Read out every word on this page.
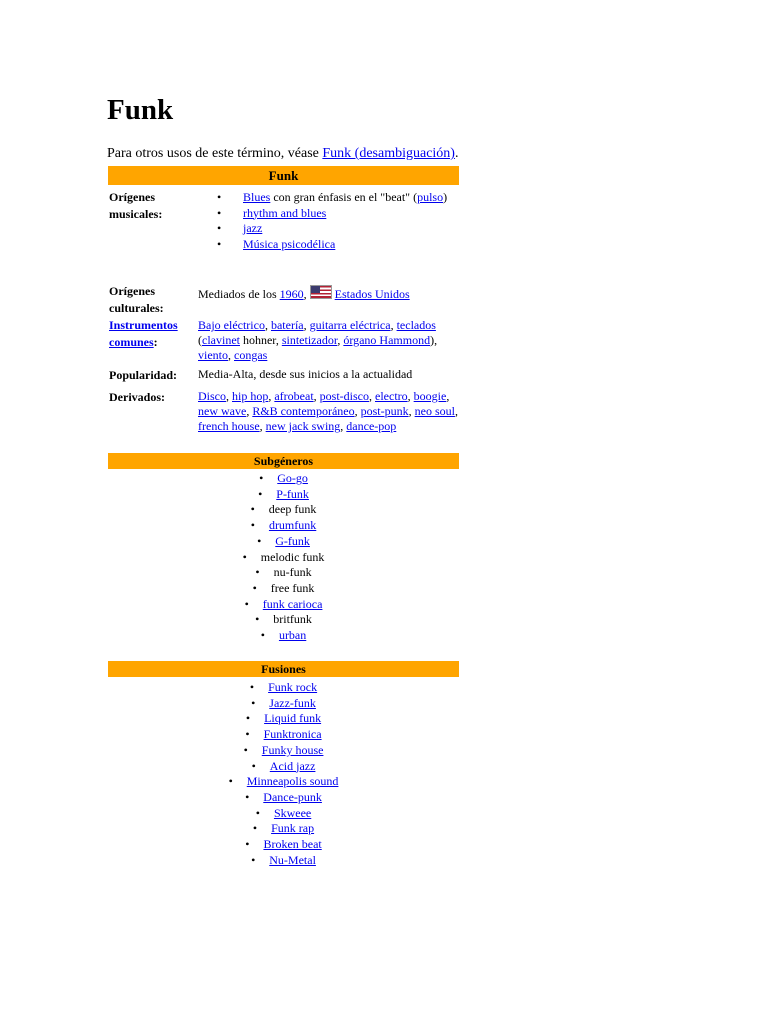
Funk
Para otros usos de este término, véase Funk (desambiguación).
Funk
Orígenes musicales:
• Blues con gran énfasis en el "beat" (pulso)
• rhythm and blues
• jazz
• Música psicodélica
Orígenes culturales:
Mediados de los 1960,
Estados Unidos
Instrumentos comunes:
Bajo eléctrico, batería, guitarra eléctrica, teclados (clavinet hohner, sintetizador, órgano Hammond), viento, congas
Popularidad:	Media-Alta, desde sus inicios a la actualidad
Derivados:	Disco, hip hop, afrobeat, post-disco, electro, boogie, new wave, R&B contemporáneo, post-punk, neo soul, french house, new jack swing, dance-pop
Subgéneros
• Go-go
• P-funk
• deep funk
• drumfunk
• G-funk
• melodic funk
• nu-funk
• free funk
• funk carioca
• britfunk
• urban
Fusiones
• Funk rock
• Jazz-funk
• Liquid funk
• Funktronica
• Funky house
• Acid jazz
• Minneapolis sound
• Dance-punk
• Skweee
• Funk rap
• Broken beat
• Nu-Metal
